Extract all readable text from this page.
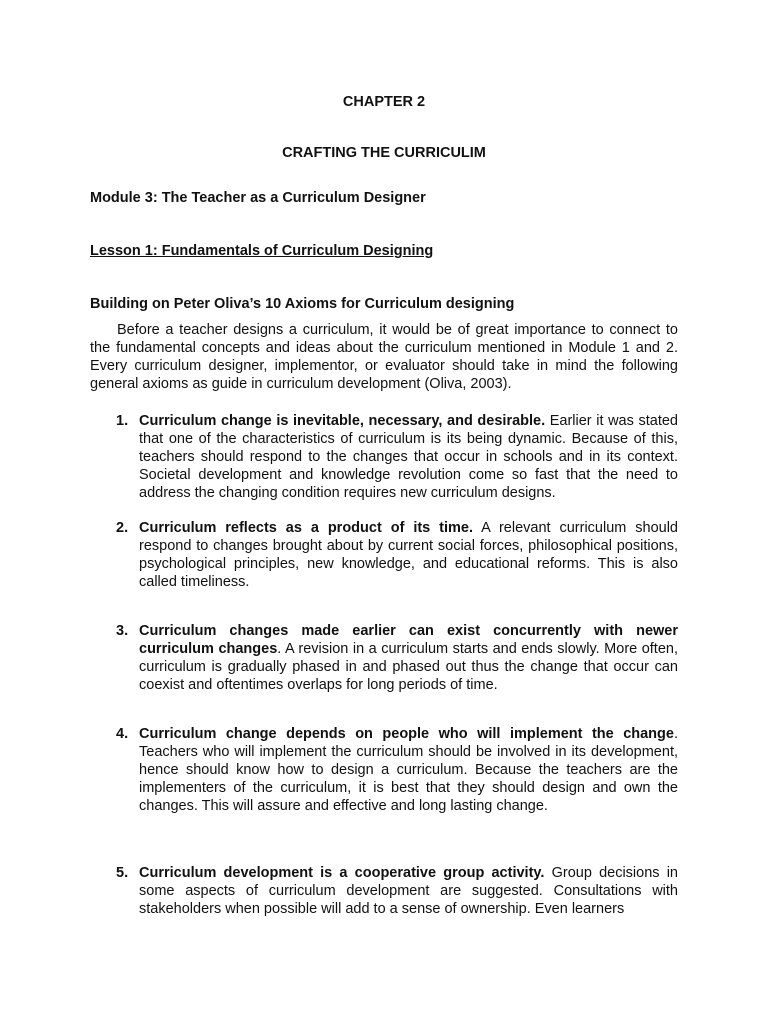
CHAPTER 2
CRAFTING THE CURRICULIM
Module 3: The Teacher as a Curriculum Designer
Lesson 1: Fundamentals of Curriculum Designing
Building on Peter Oliva’s 10 Axioms for Curriculum designing

Before a teacher designs a curriculum, it would be of great importance to connect to the fundamental concepts and ideas about the curriculum mentioned in Module 1 and 2. Every curriculum designer, implementor, or evaluator should take in mind the following general axioms as guide in curriculum development (Oliva, 2003).

1. Curriculum change is inevitable, necessary, and desirable. Earlier it was stated that one of the characteristics of curriculum is its being dynamic. Because of this, teachers should respond to the changes that occur in schools and in its context. Societal development and knowledge revolution come so fast that the need to address the changing condition requires new curriculum designs.
2. Curriculum reflects as a product of its time. A relevant curriculum should respond to changes brought about by current social forces, philosophical positions, psychological principles, new knowledge, and educational reforms. This is also called timeliness.
3. Curriculum changes made earlier can exist concurrently with newer curriculum changes. A revision in a curriculum starts and ends slowly. More often, curriculum is gradually phased in and phased out thus the change that occur can coexist and oftentimes overlaps for long periods of time.
4. Curriculum change depends on people who will implement the change. Teachers who will implement the curriculum should be involved in its development, hence should know how to design a curriculum. Because the teachers are the implementers of the curriculum, it is best that they should design and own the changes. This will assure and effective and long lasting change.
5. Curriculum development is a cooperative group activity. Group decisions in some aspects of curriculum development are suggested. Consultations with stakeholders when possible will add to a sense of ownership. Even learners
